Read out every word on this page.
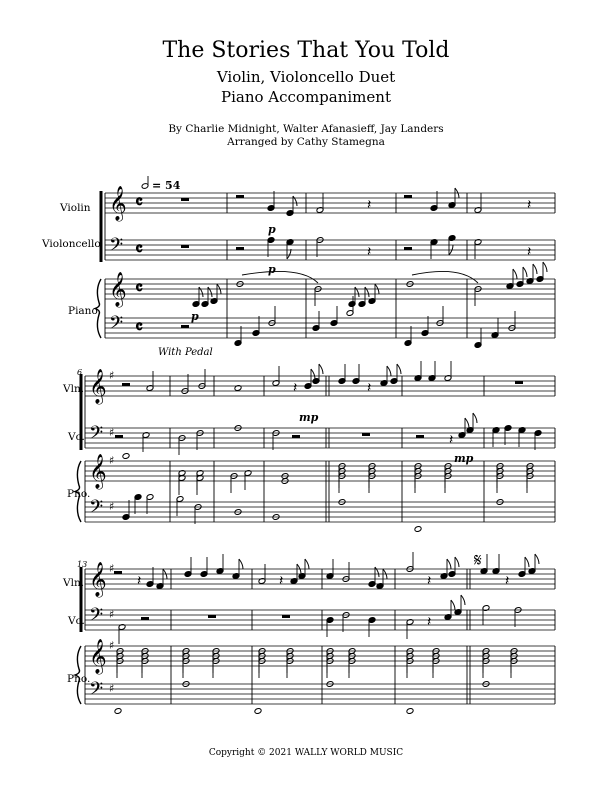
The Stories That You Told
Violin, Violoncello Duet
Piano Accompaniment
By Charlie Midnight, Walter Afanasieff, Jay Landers
Arranged by Cathy Stamegna
𝄞
𝄢
𝄞
𝄢
𝄴
𝄴
𝄴
𝄴
𝄞
𝄢
𝄞
𝄢
♯
♯
♯
♯
𝄞
𝄢
𝄞
𝄢
♯
♯
♯
♯
𝄽	𝄽
𝄽	𝄽
𝄽	𝄽
𝄽
𝄽	𝄽	𝄽	𝄽
𝄽
Violin
Violoncello
Piano
Vln.
Vc.
Pno.
Vln.
Vc.
Pno.
= 54
6
13
p
p
p
mp
mp
With Pedal
𝄋
Copyright © 2021 WALLY WORLD MUSIC
